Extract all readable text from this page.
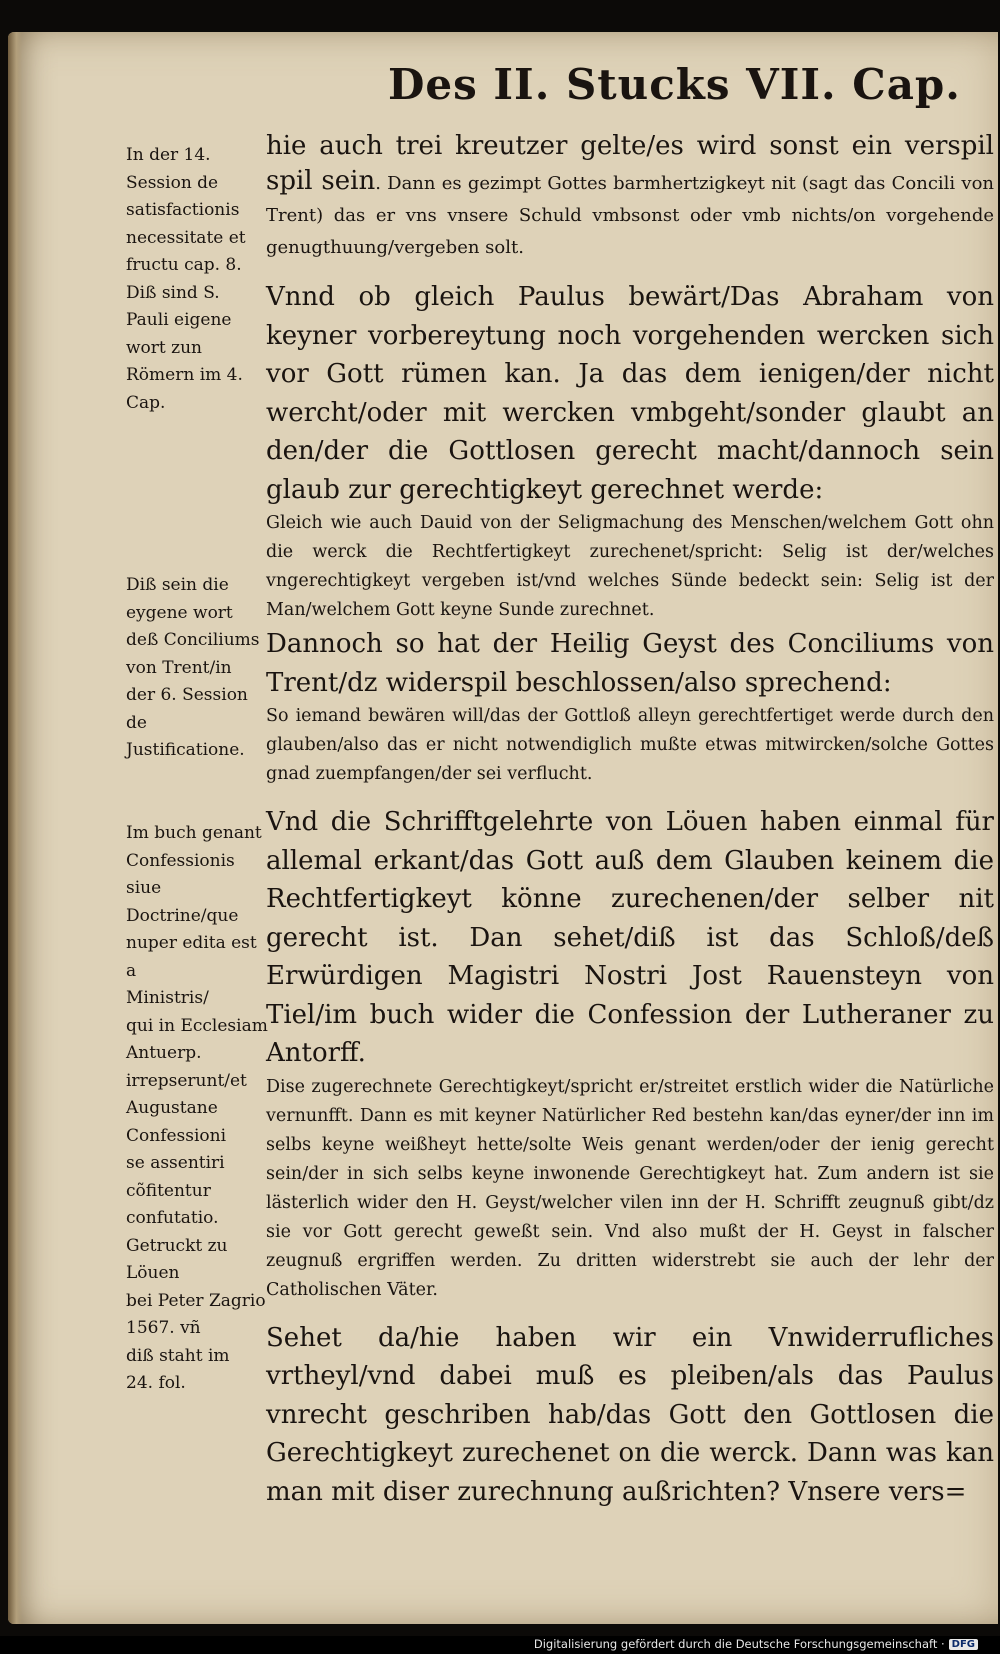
Des II. Stucks VII. Cap.
In der 14.
Session de satisfactionis
necessitate et
fructu cap. 8.
Diß sind S.
Pauli eigene
wort zun Römern im 4.
Cap.
Diß sein die
eygene wort
deß Conciliums
von Trent/in
der 6. Session
de Justificatione.
Im buch genant Confessionis siue Doctrine/que nuper edita est a
Ministris/
qui in Ecclesiam Antuerp.
irrepserunt/et
Augustane
Confessioni
se assentiri cõfitentur confutatio. Getruckt zu Löuen
bei Peter Zagrio 1567. vñ
diß staht im
24. fol.

hie auch trei kreutzer gelte/es wird sonst ein verspil spil sein. Dann es gezimpt Gottes barmhertzigkeyt nit (sagt das Concili von Trent) das er vns vnsere Schuld vmbsonst oder vmb nichts/on vorgehende genugthuung/vergeben solt.

Vnnd ob gleich Paulus bewärt/Das Abraham von keyner vorbereytung noch vorgehenden wercken sich vor Gott rümen kan. Ja das dem ienigen/der nicht wercht/oder mit wercken vmbgeht/sonder glaubt an den/der die Gottlosen gerecht macht/dannoch sein glaub zur gerechtigkeyt gerechnet werde:

Gleich wie auch Dauid von der Seligmachung des Menschen/welchem Gott ohn die werck die Rechtfertigkeyt zurechenet/spricht: Selig ist der/welches vngerechtigkeyt vergeben ist/vnd welches Sünde bedeckt sein: Selig ist der Man/welchem Gott keyne Sunde zurechnet.

Dannoch so hat der Heilig Geyst des Conciliums von Trent/dz widerspil beschlossen/also sprechend:

So iemand bewären will/das der Gottloß alleyn gerechtfertiget werde durch den glauben/also das er nicht notwendiglich mußte etwas mitwircken/solche Gottes gnad zuempfangen/der sei verflucht.

Vnd die Schrifftgelehrte von Löuen haben einmal für allemal erkant/das Gott auß dem Glauben keinem die Rechtfertigkeyt könne zurechenen/der selber nit gerecht ist. Dan sehet/diß ist das Schloß/deß Erwürdigen Magistri Nostri Jost Rauensteyn von Tiel/im buch wider die Confession der Lutheraner zu Antorff.

Dise zugerechnete Gerechtigkeyt/spricht er/streitet erstlich wider die Natürliche vernunfft. Dann es mit keyner Natürlicher Red bestehn kan/das eyner/der inn im selbs keyne weißheyt hette/solte Weis genant werden/oder der ienig gerecht sein/der in sich selbs keyne inwonende Gerechtigkeyt hat. Zum andern ist sie lästerlich wider den H. Geyst/welcher vilen inn der H. Schrifft zeugnuß gibt/dz sie vor Gott gerecht geweßt sein. Vnd also mußt der H. Geyst in falscher zeugnuß ergriffen werden. Zu dritten widerstrebt sie auch der lehr der Catholischen Väter.

Sehet da/hie haben wir ein Vnwiderrufliches vrtheyl/vnd dabei muß es pleiben/als das Paulus vnrecht geschriben hab/das Gott den Gottlosen die Gerechtigkeyt zurechenet on die werck. Dann was kan man mit diser zurechnung außrichten? Vnsere vers=

Digitalisierung gefördert durch die Deutsche Forschungsgemeinschaft · DFG
